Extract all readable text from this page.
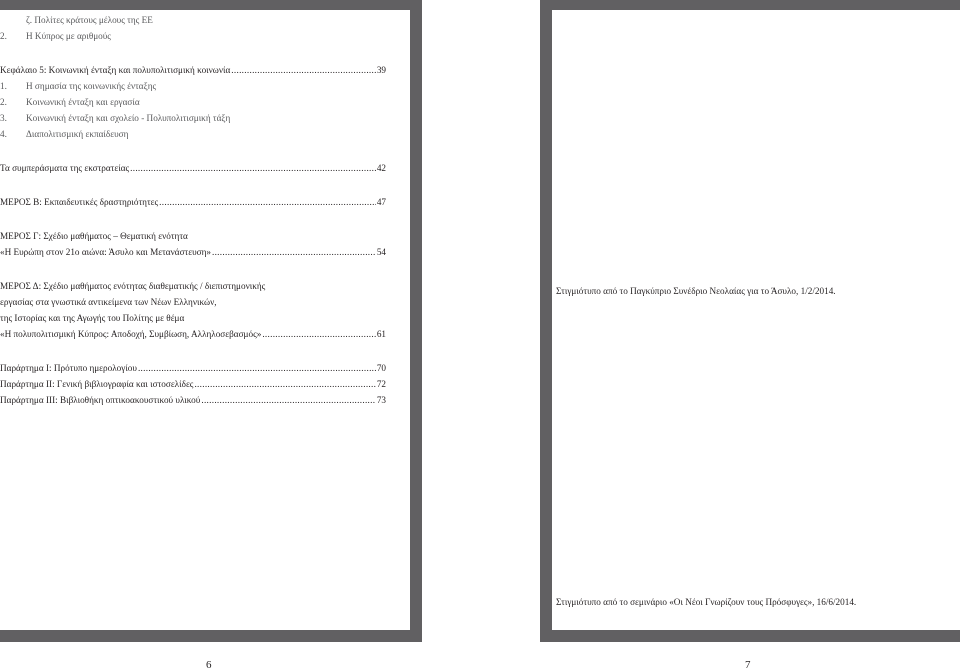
ζ. Πολίτες κράτους μέλους της ΕΕ
2. Η Κύπρος με αριθμούς
Κεφάλαιο 5: Κοινωνική ένταξη και πολυπολιτισμική κοινωνία .....	39
1. Η σημασία της κοινωνικής ένταξης
2. Κοινωνική ένταξη και εργασία
3. Κοινωνική ένταξη και σχολείο - Πολυπολιτισμική τάξη
4. Διαπολιτισμική εκπαίδευση
Τα συμπεράσματα της εκστρατείας .....	42
ΜΕΡΟΣ Β: Εκπαιδευτικές δραστηριότητες .....	47
ΜΕΡΟΣ Γ: Σχέδιο μαθήματος – Θεματική ενότητα
«Η Ευρώπη στον 21ο αιώνα: Άσυλο και Μετανάστευση» .....	54
ΜΕΡΟΣ Δ: Σχέδιο μαθήματος ενότητας διαθεματικής / διεπιστημονικής
εργασίας στα γνωστικά αντικείμενα των Νέων Ελληνικών,
της Ιστορίας και της Αγωγής του Πολίτης με θέμα
«Η πολυπολιτισμική Κύπρος: Αποδοχή, Συμβίωση, Αλληλοσεβασμός» .....	61
Παράρτημα Ι: Πρότυπο ημερολογίου .....	70
Παράρτημα ΙΙ: Γενική βιβλιογραφία και ιστοσελίδες .....	72
Παράρτημα ΙΙΙ: Βιβλιοθήκη οπτικοακουστικού υλικού .....	73
Στιγμιότυπο από το Παγκύπριο Συνέδριο Νεολαίας για το Άσυλο, 1/2/2014.
Στιγμιότυπο από το σεμινάριο «Οι Νέοι Γνωρίζουν τους Πρόσφυγες», 16/6/2014.
6	7
